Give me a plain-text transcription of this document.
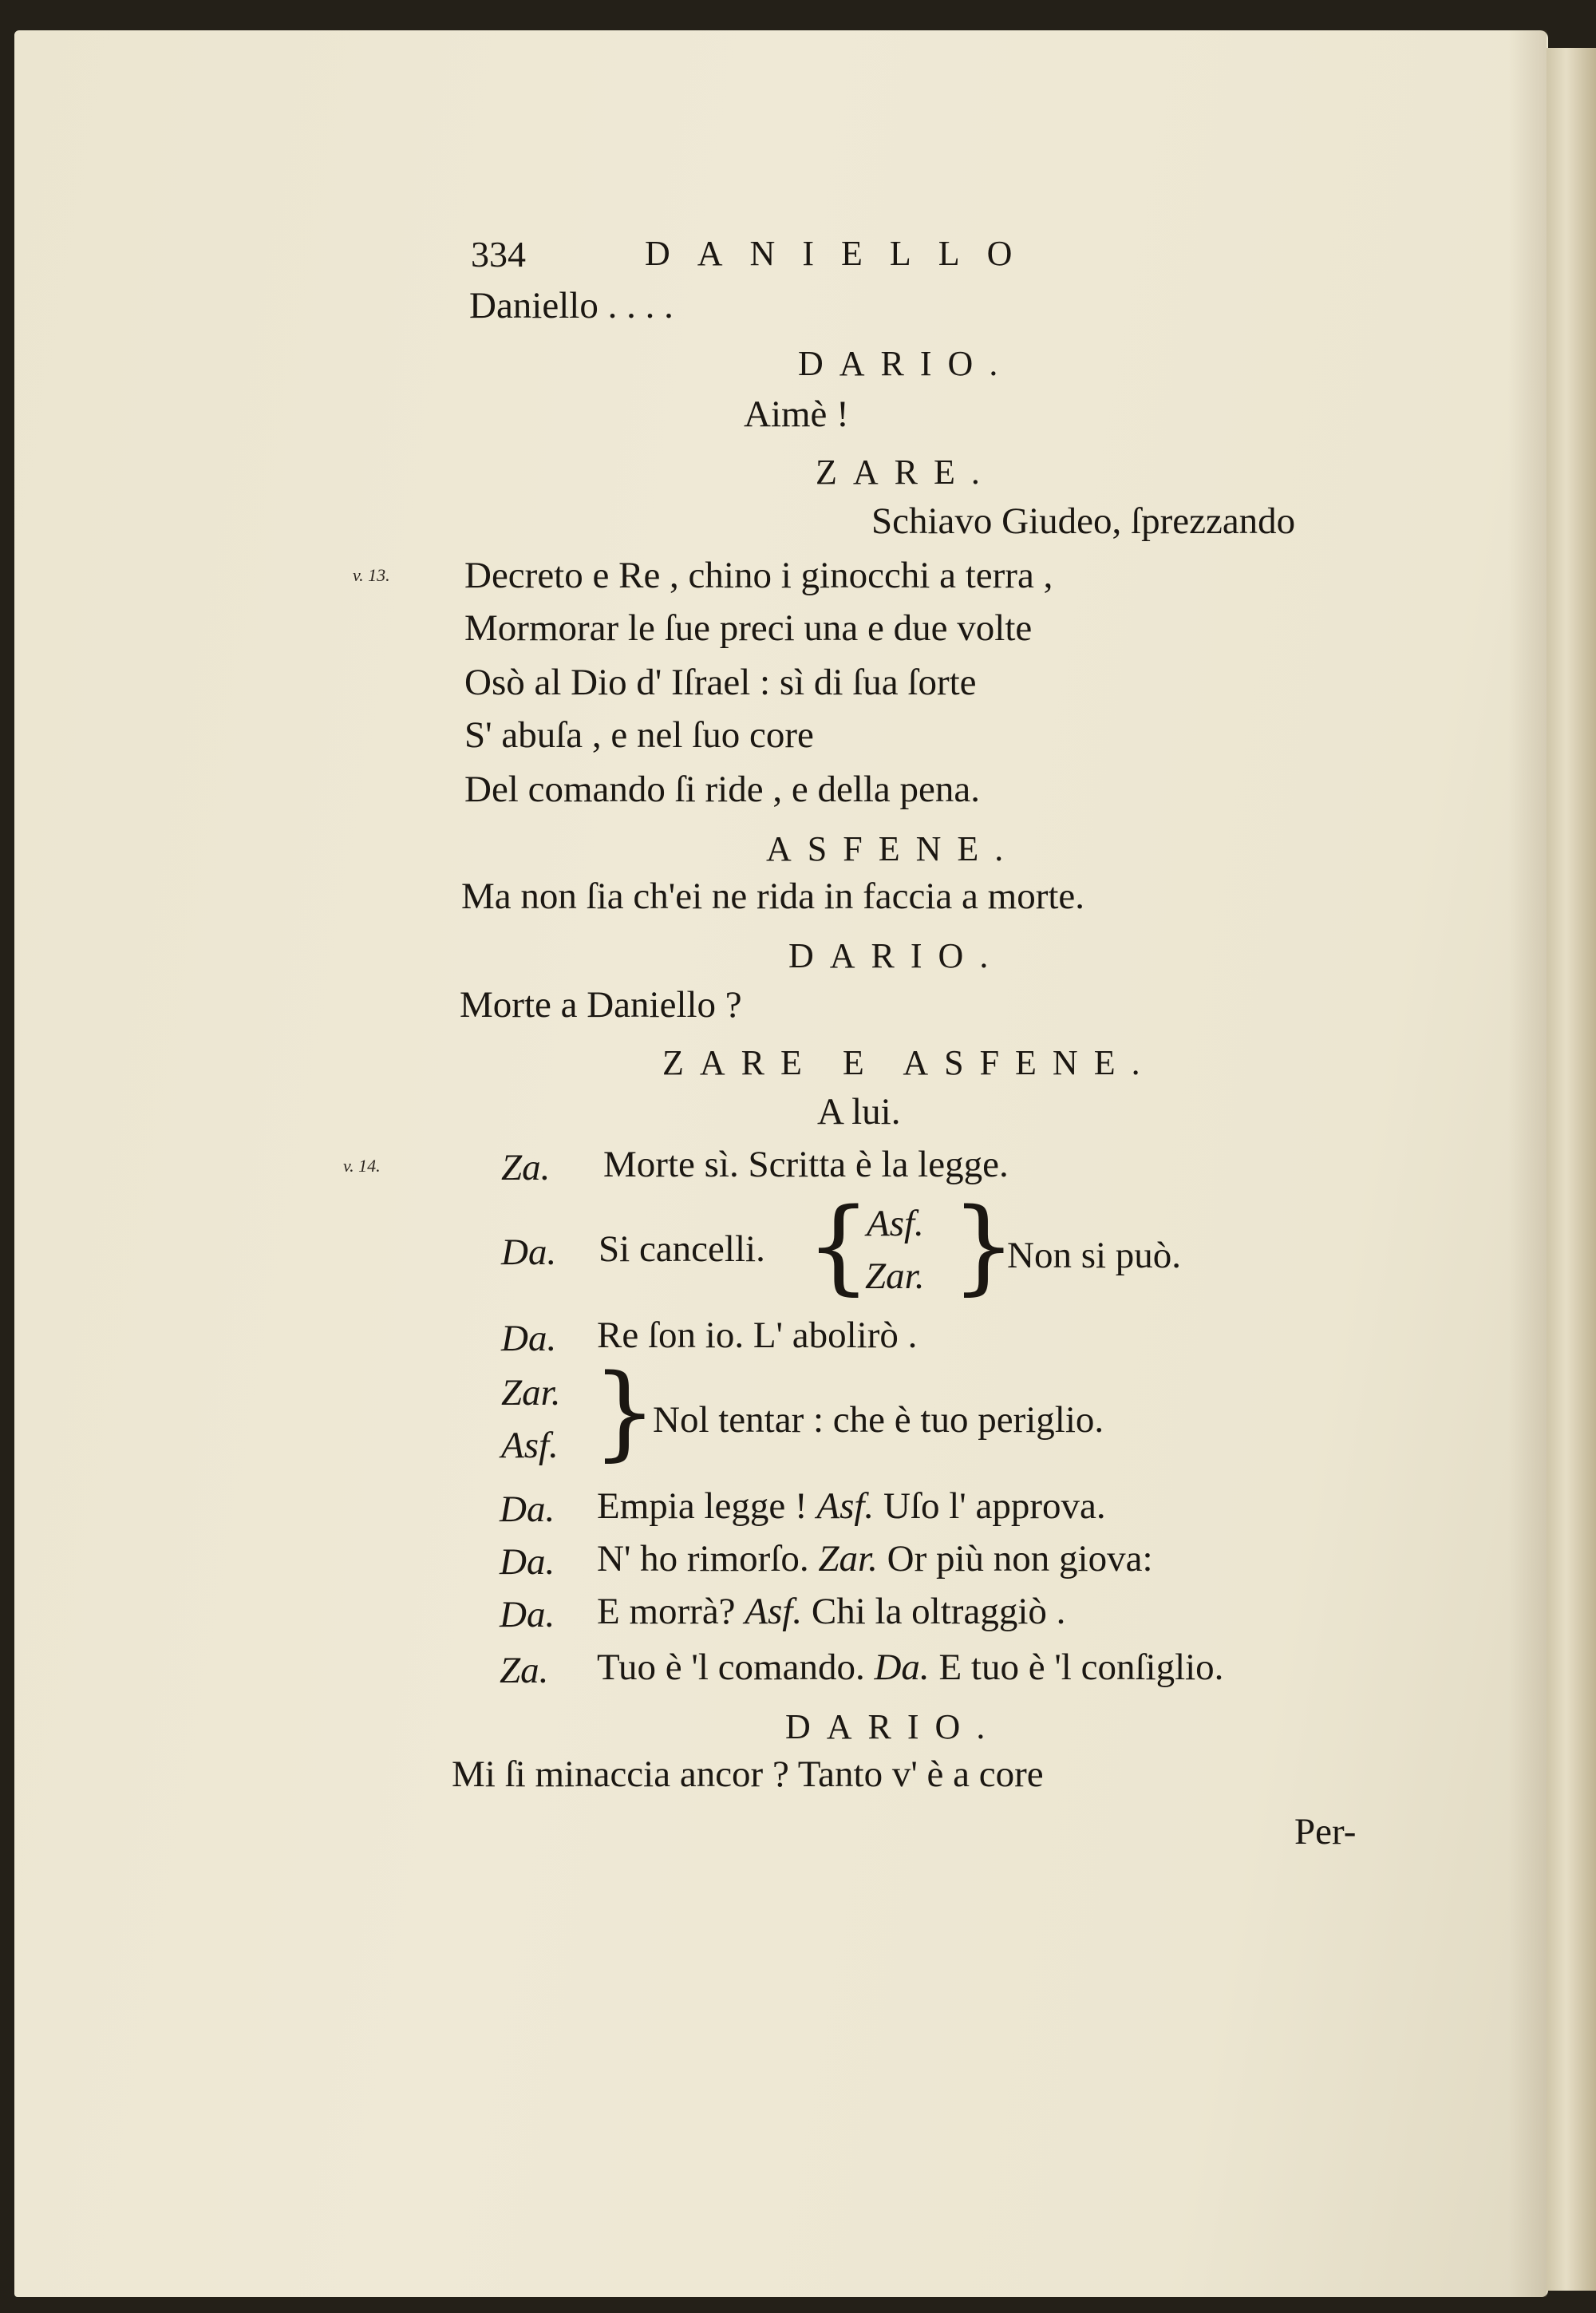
334	DANIELLO
Daniello . . . .
DARIO.
Aimè !
ZARE.
Schiavo Giudeo, ſprezzando
v. 13. Decreto e Re , chino i ginocchi a terra ,
Mormorar le ſue preci una e due volte
Osò al Dio d' Iſrael : sì di ſua ſorte
S' abuſa , e nel ſuo core
Del comando ſi ride , e della pena.
ASFENE.
Ma non ſia ch'ei ne rida in faccia a morte.
DARIO.
Morte a Daniello ?
ZARE E ASFENE.
A lui.
v. 14.	Za. Morte sì. Scritta è la legge.
Da. Si cancelli. {
Asf.
Zar. }
Non si può.
Da. Re ſon io. L' abolirò .
Zar.
Asf. }
Nol tentar : che è tuo periglio.
Da. Empia legge ! Asf. Uſo l' approva.
Da. N' ho rimorſo. Zar. Or più non giova:
Da. E morrà? Asf. Chi la oltraggiò .
Za. Tuo è 'l comando. Da. E tuo è 'l conſiglio.
DARIO.
Mi ſi minaccia ancor ? Tanto v' è a core
Per-
